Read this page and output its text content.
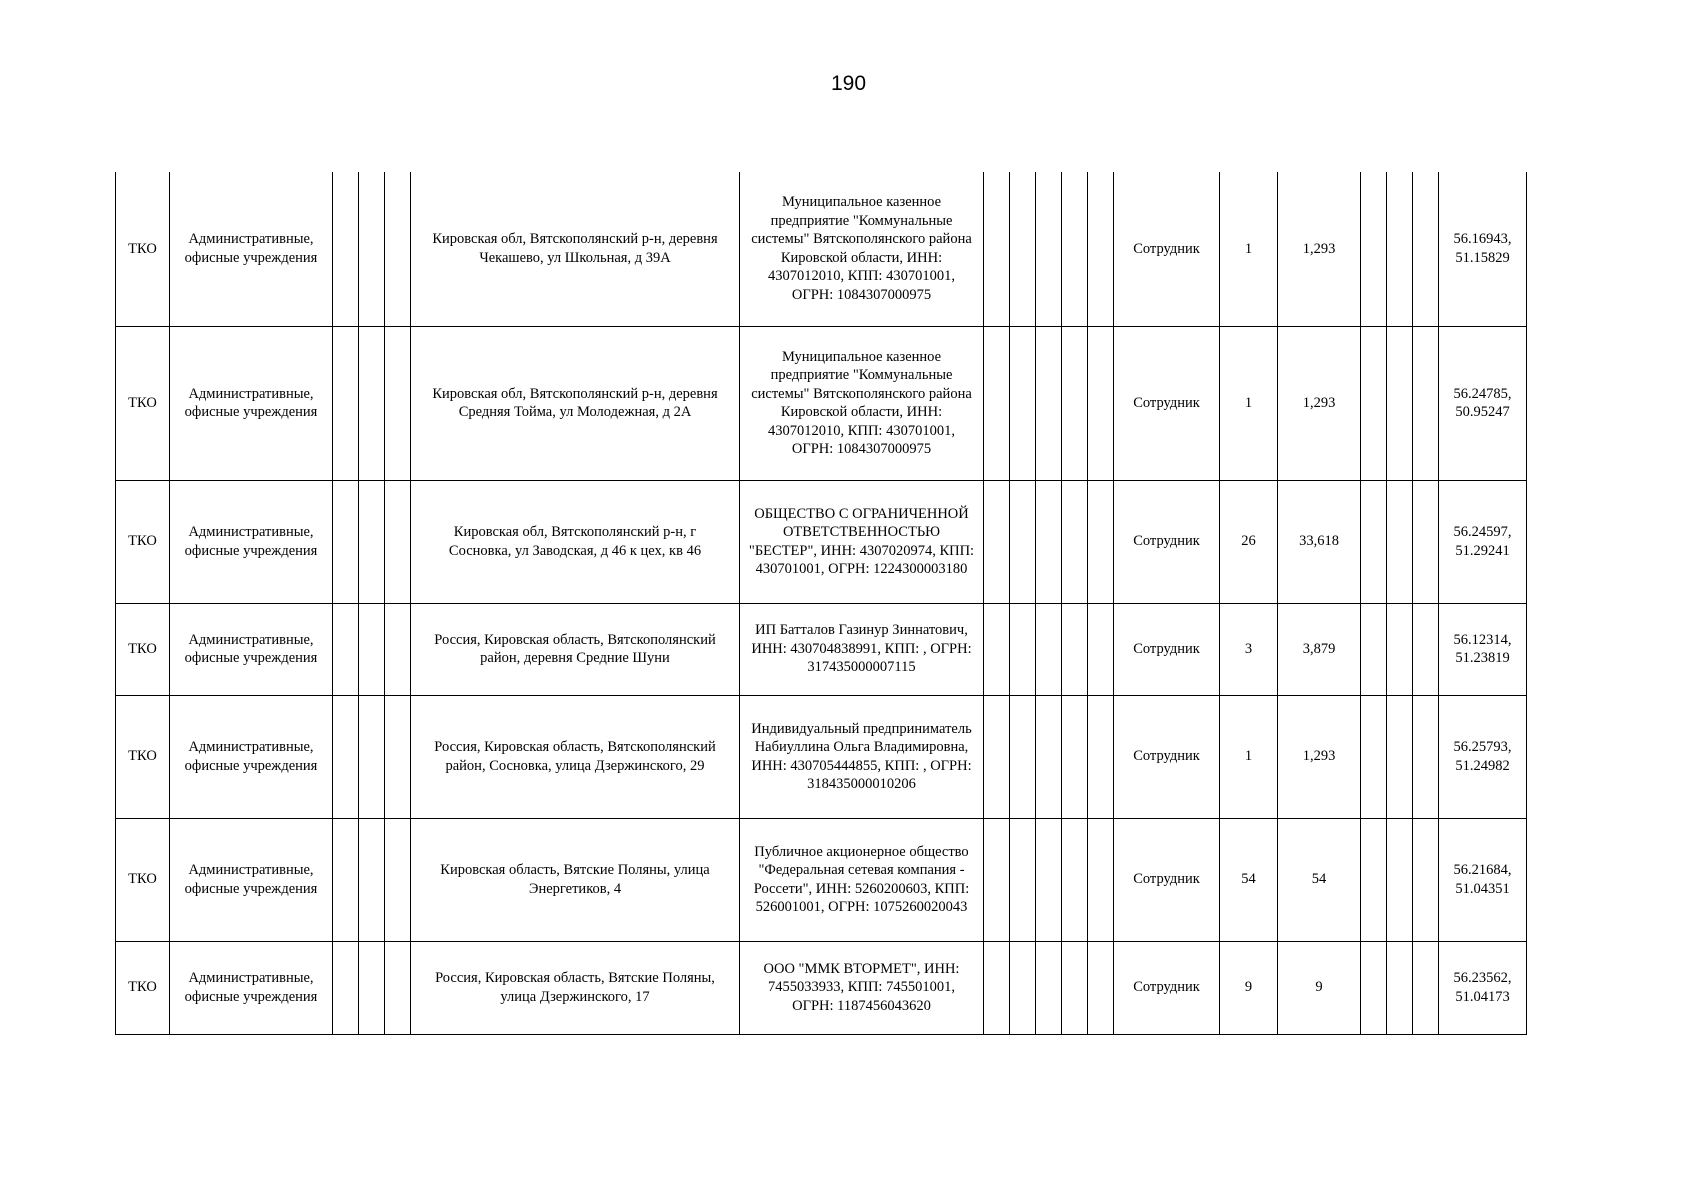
190
ТКО	Административные, офисные учреждения				Кировская обл, Вятскополянский р-н, деревня Чекашево, ул Школьная, д 39А	Муниципальное казенное предприятие "Коммунальные системы" Вятскополянского района Кировской области, ИНН: 4307012010, КПП: 430701001, ОГРН: 1084307000975						Сотрудник	1	1,293				56.16943, 51.15829
ТКО	Административные, офисные учреждения				Кировская обл, Вятскополянский р-н, деревня Средняя Тойма, ул Молодежная, д 2А	Муниципальное казенное предприятие "Коммунальные системы" Вятскополянского района Кировской области, ИНН: 4307012010, КПП: 430701001, ОГРН: 1084307000975						Сотрудник	1	1,293				56.24785, 50.95247
ТКО	Административные, офисные учреждения				Кировская обл, Вятскополянский р-н, г Сосновка, ул Заводская, д 46 к цех, кв 46	ОБЩЕСТВО С ОГРАНИЧЕННОЙ ОТВЕТСТВЕННОСТЬЮ "БЕСТЕР", ИНН: 4307020974, КПП: 430701001, ОГРН: 1224300003180						Сотрудник	26	33,618				56.24597, 51.29241
ТКО	Административные, офисные учреждения				Россия, Кировская область, Вятскополянский район, деревня Средние Шуни	ИП Батталов Газинур Зиннатович, ИНН: 430704838991, КПП: , ОГРН: 317435000007115						Сотрудник	3	3,879				56.12314, 51.23819
ТКО	Административные, офисные учреждения				Россия, Кировская область, Вятскополянский район, Сосновка, улица Дзержинского, 29	Индивидуальный предприниматель Набиуллина Ольга Владимировна, ИНН: 430705444855, КПП: , ОГРН: 318435000010206						Сотрудник	1	1,293				56.25793, 51.24982
ТКО	Административные, офисные учреждения				Кировская область, Вятские Поляны, улица Энергетиков, 4	Публичное акционерное общество "Федеральная сетевая компания - Россети", ИНН: 5260200603, КПП: 526001001, ОГРН: 1075260020043						Сотрудник	54	54				56.21684, 51.04351
ТКО	Административные, офисные учреждения				Россия, Кировская область, Вятские Поляны, улица Дзержинского, 17	ООО "ММК ВТОРМЕТ", ИНН: 7455033933, КПП: 745501001, ОГРН: 1187456043620						Сотрудник	9	9				56.23562, 51.04173
